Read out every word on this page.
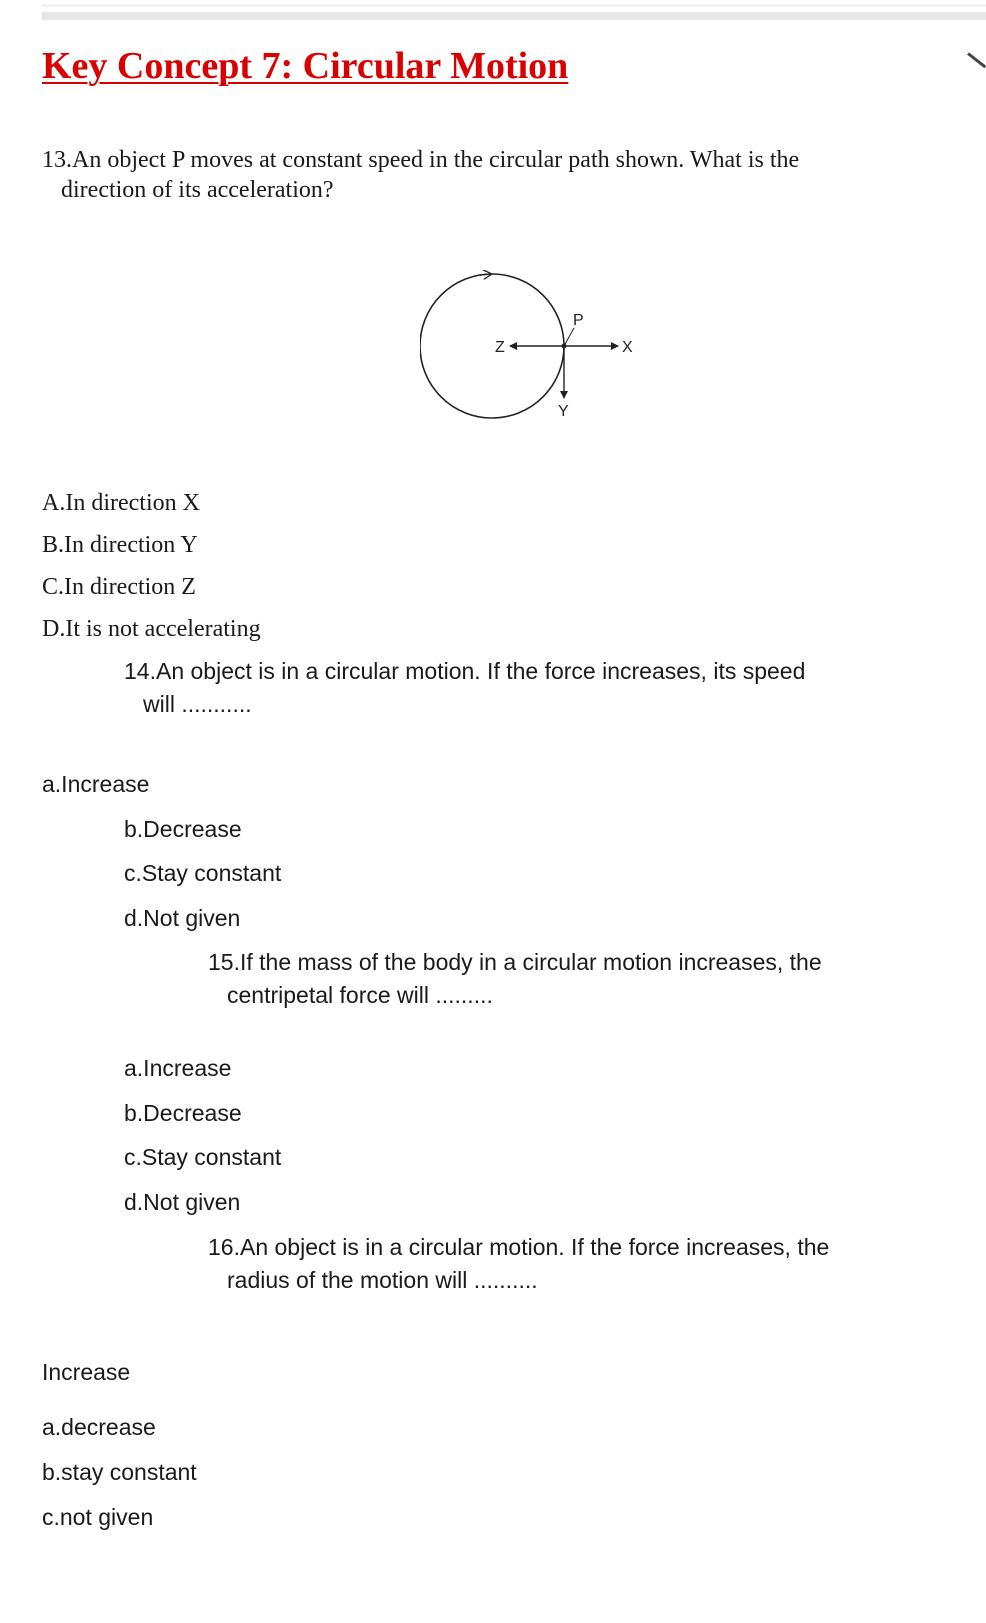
Key Concept 7: Circular Motion

13.An object P moves at constant speed in the circular path shown. What is the
direction of its acceleration?

P
X
Z
Y

A.In direction X

B.In direction Y

C.In direction Z

D.It is not accelerating

14.An object is in a circular motion. If the force increases, its speed
will ...........

a.Increase

b.Decrease

c.Stay constant

d.Not given

15.If the mass of the body in a circular motion increases, the
centripetal force will .........

a.Increase

b.Decrease

c.Stay constant

d.Not given

16.An object is in a circular motion. If the force increases, the
radius of the motion will ..........

Increase

a.decrease

b.stay constant

c.not given
